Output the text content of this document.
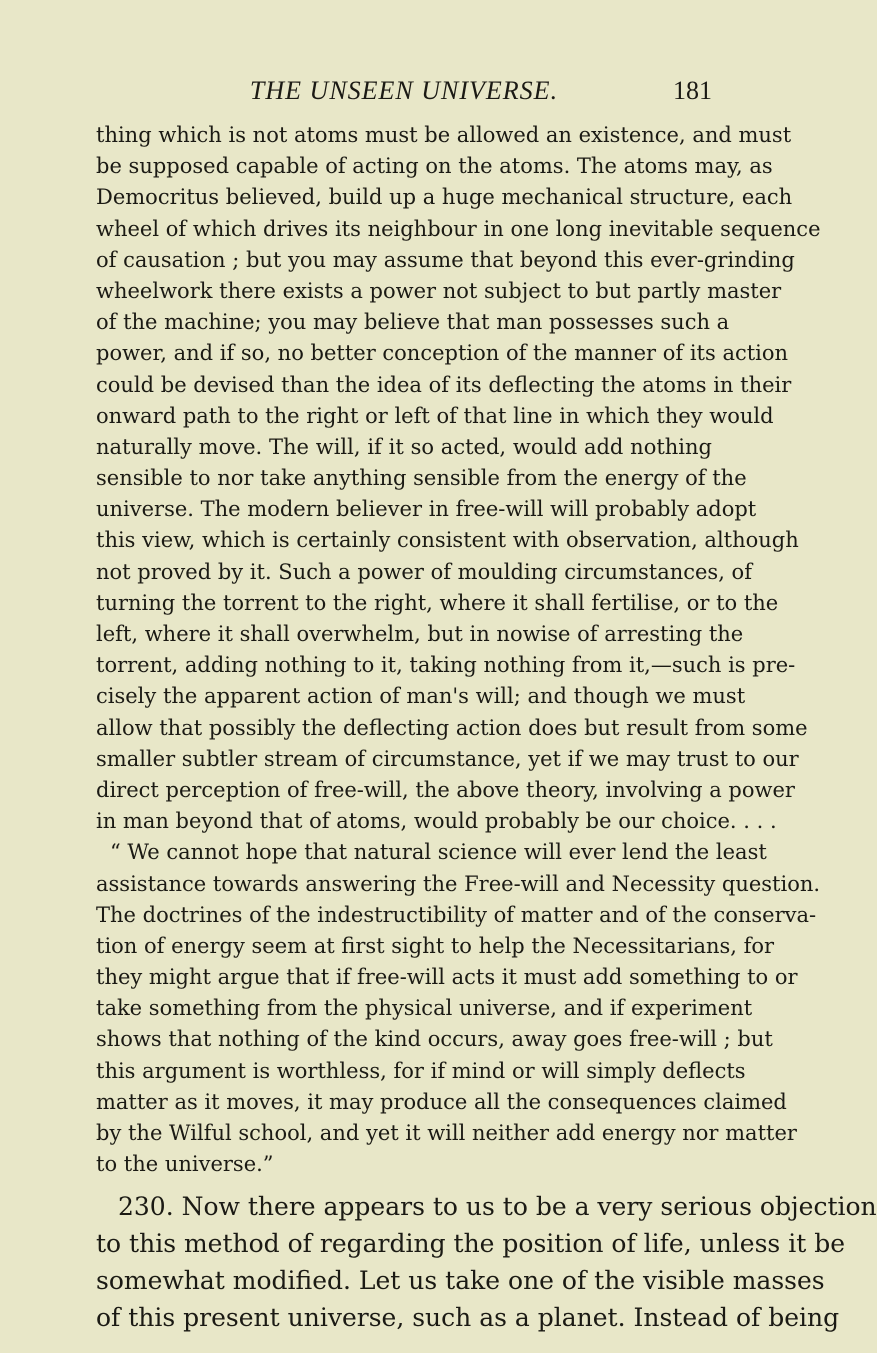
THE UNSEEN UNIVERSE.	181
thing which is not atoms must be allowed an existence, and must
be supposed capable of acting on the atoms. The atoms may, as
Democritus believed, build up a huge mechanical structure, each
wheel of which drives its neighbour in one long inevitable sequence
of causation ; but you may assume that beyond this ever-grinding
wheelwork there exists a power not subject to but partly master
of the machine; you may believe that man possesses such a
power, and if so, no better conception of the manner of its action
could be devised than the idea of its deflecting the atoms in their
onward path to the right or left of that line in which they would
naturally move. The will, if it so acted, would add nothing
sensible to nor take anything sensible from the energy of the
universe. The modern believer in free-will will probably adopt
this view, which is certainly consistent with observation, although
not proved by it. Such a power of moulding circumstances, of
turning the torrent to the right, where it shall fertilise, or to the
left, where it shall overwhelm, but in nowise of arresting the
torrent, adding nothing to it, taking nothing from it,—such is pre-
cisely the apparent action of man's will; and though we must
allow that possibly the deflecting action does but result from some
smaller subtler stream of circumstance, yet if we may trust to our
direct perception of free-will, the above theory, involving a power
in man beyond that of atoms, would probably be our choice. . . .
“ We cannot hope that natural science will ever lend the least
assistance towards answering the Free-will and Necessity question.
The doctrines of the indestructibility of matter and of the conserva-
tion of energy seem at first sight to help the Necessitarians, for
they might argue that if free-will acts it must add something to or
take something from the physical universe, and if experiment
shows that nothing of the kind occurs, away goes free-will ; but
this argument is worthless, for if mind or will simply deflects
matter as it moves, it may produce all the consequences claimed
by the Wilful school, and yet it will neither add energy nor matter
to the universe.”
230. Now there appears to us to be a very serious objection
to this method of regarding the position of life, unless it be
somewhat modified. Let us take one of the visible masses
of this present universe, such as a planet. Instead of being
